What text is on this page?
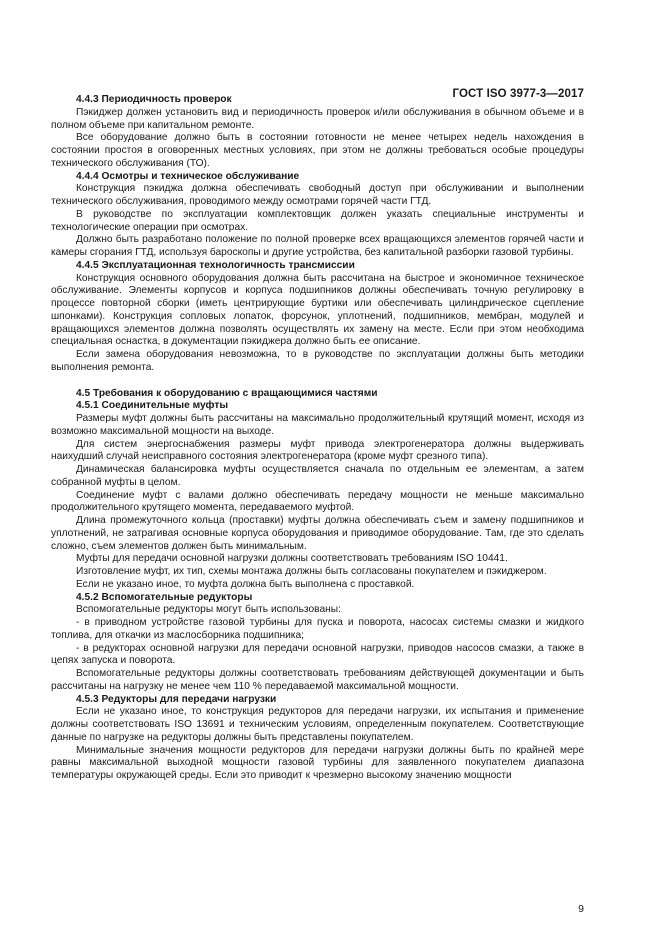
ГОСТ ISO 3977-3—2017
4.4.3 Периодичность проверок

Пэкиджер должен установить вид и периодичность проверок и/или обслуживания в обычном объеме и в полном объеме при капитальном ремонте.

Все оборудование должно быть в состоянии готовности не менее четырех недель нахождения в состоянии простоя в оговоренных местных условиях, при этом не должны требоваться особые процедуры технического обслуживания (ТО).

4.4.4 Осмотры и техническое обслуживание

Конструкция пэкиджа должна обеспечивать свободный доступ при обслуживании и выполнении технического обслуживания, проводимого между осмотрами горячей части ГТД.

В руководстве по эксплуатации комплектовщик должен указать специальные инструменты и технологические операции при осмотрах.

Должно быть разработано положение по полной проверке всех вращающихся элементов горячей части и камеры сгорания ГТД, используя бароскопы и другие устройства, без капитальной разборки газовой турбины.

4.4.5 Эксплуатационная технологичность трансмиссии

Конструкция основного оборудования должна быть рассчитана на быстрое и экономичное техническое обслуживание. Элементы корпусов и корпуса подшипников должны обеспечивать точную регулировку в процессе повторной сборки (иметь центрирующие буртики или обеспечивать цилиндрическое сцепление шпонками). Конструкция сопловых лопаток, форсунок, уплотнений, подшипников, мембран, модулей и вращающихся элементов должна позволять осуществлять их замену на месте. Если при этом необходима специальная оснастка, в документации пэкиджера должно быть ее описание.

Если замена оборудования невозможна, то в руководстве по эксплуатации должны быть методики выполнения ремонта.

4.5 Требования к оборудованию с вращающимися частями
4.5.1 Соединительные муфты

Размеры муфт должны быть рассчитаны на максимально продолжительный крутящий момент, исходя из возможно максимальной мощности на выходе.

Для систем энергоснабжения размеры муфт привода электрогенератора должны выдерживать наихудший случай неисправного состояния электрогенератора (кроме муфт срезного типа).

Динамическая балансировка муфты осуществляется сначала по отдельным ее элементам, а затем собранной муфты в целом.

Соединение муфт с валами должно обеспечивать передачу мощности не меньше максимально продолжительного крутящего момента, передаваемого муфтой.

Длина промежуточного кольца (проставки) муфты должна обеспечивать съем и замену подшипников и уплотнений, не затрагивая основные корпуса оборудования и приводимое оборудование. Там, где это сделать сложно, съем элементов должен быть минимальным.

Муфты для передачи основной нагрузки должны соответствовать требованиям ISO 10441.

Изготовление муфт, их тип, схемы монтажа должны быть согласованы покупателем и пэкиджером.

Если не указано иное, то муфта должна быть выполнена с проставкой.

4.5.2 Вспомогательные редукторы

Вспомогательные редукторы могут быть использованы:

- в приводном устройстве газовой турбины для пуска и поворота, насосах системы смазки и жидкого топлива, для откачки из маслосборника подшипника;

- в редукторах основной нагрузки для передачи основной нагрузки, приводов насосов смазки, а также в цепях запуска и поворота.

Вспомогательные редукторы должны соответствовать требованиям действующей документации и быть рассчитаны на нагрузку не менее чем 110 % передаваемой максимальной мощности.

4.5.3 Редукторы для передачи нагрузки

Если не указано иное, то конструкция редукторов для передачи нагрузки, их испытания и применение должны соответствовать ISO 13691 и техническим условиям, определенным покупателем. Соответствующие данные по нагрузке на редукторы должны быть представлены покупателем.

Минимальные значения мощности редукторов для передачи нагрузки должны быть по крайней мере равны максимальной выходной мощности газовой турбины для заявленного покупателем диапазона температуры окружающей среды. Если это приводит к чрезмерно высокому значению мощности

9
